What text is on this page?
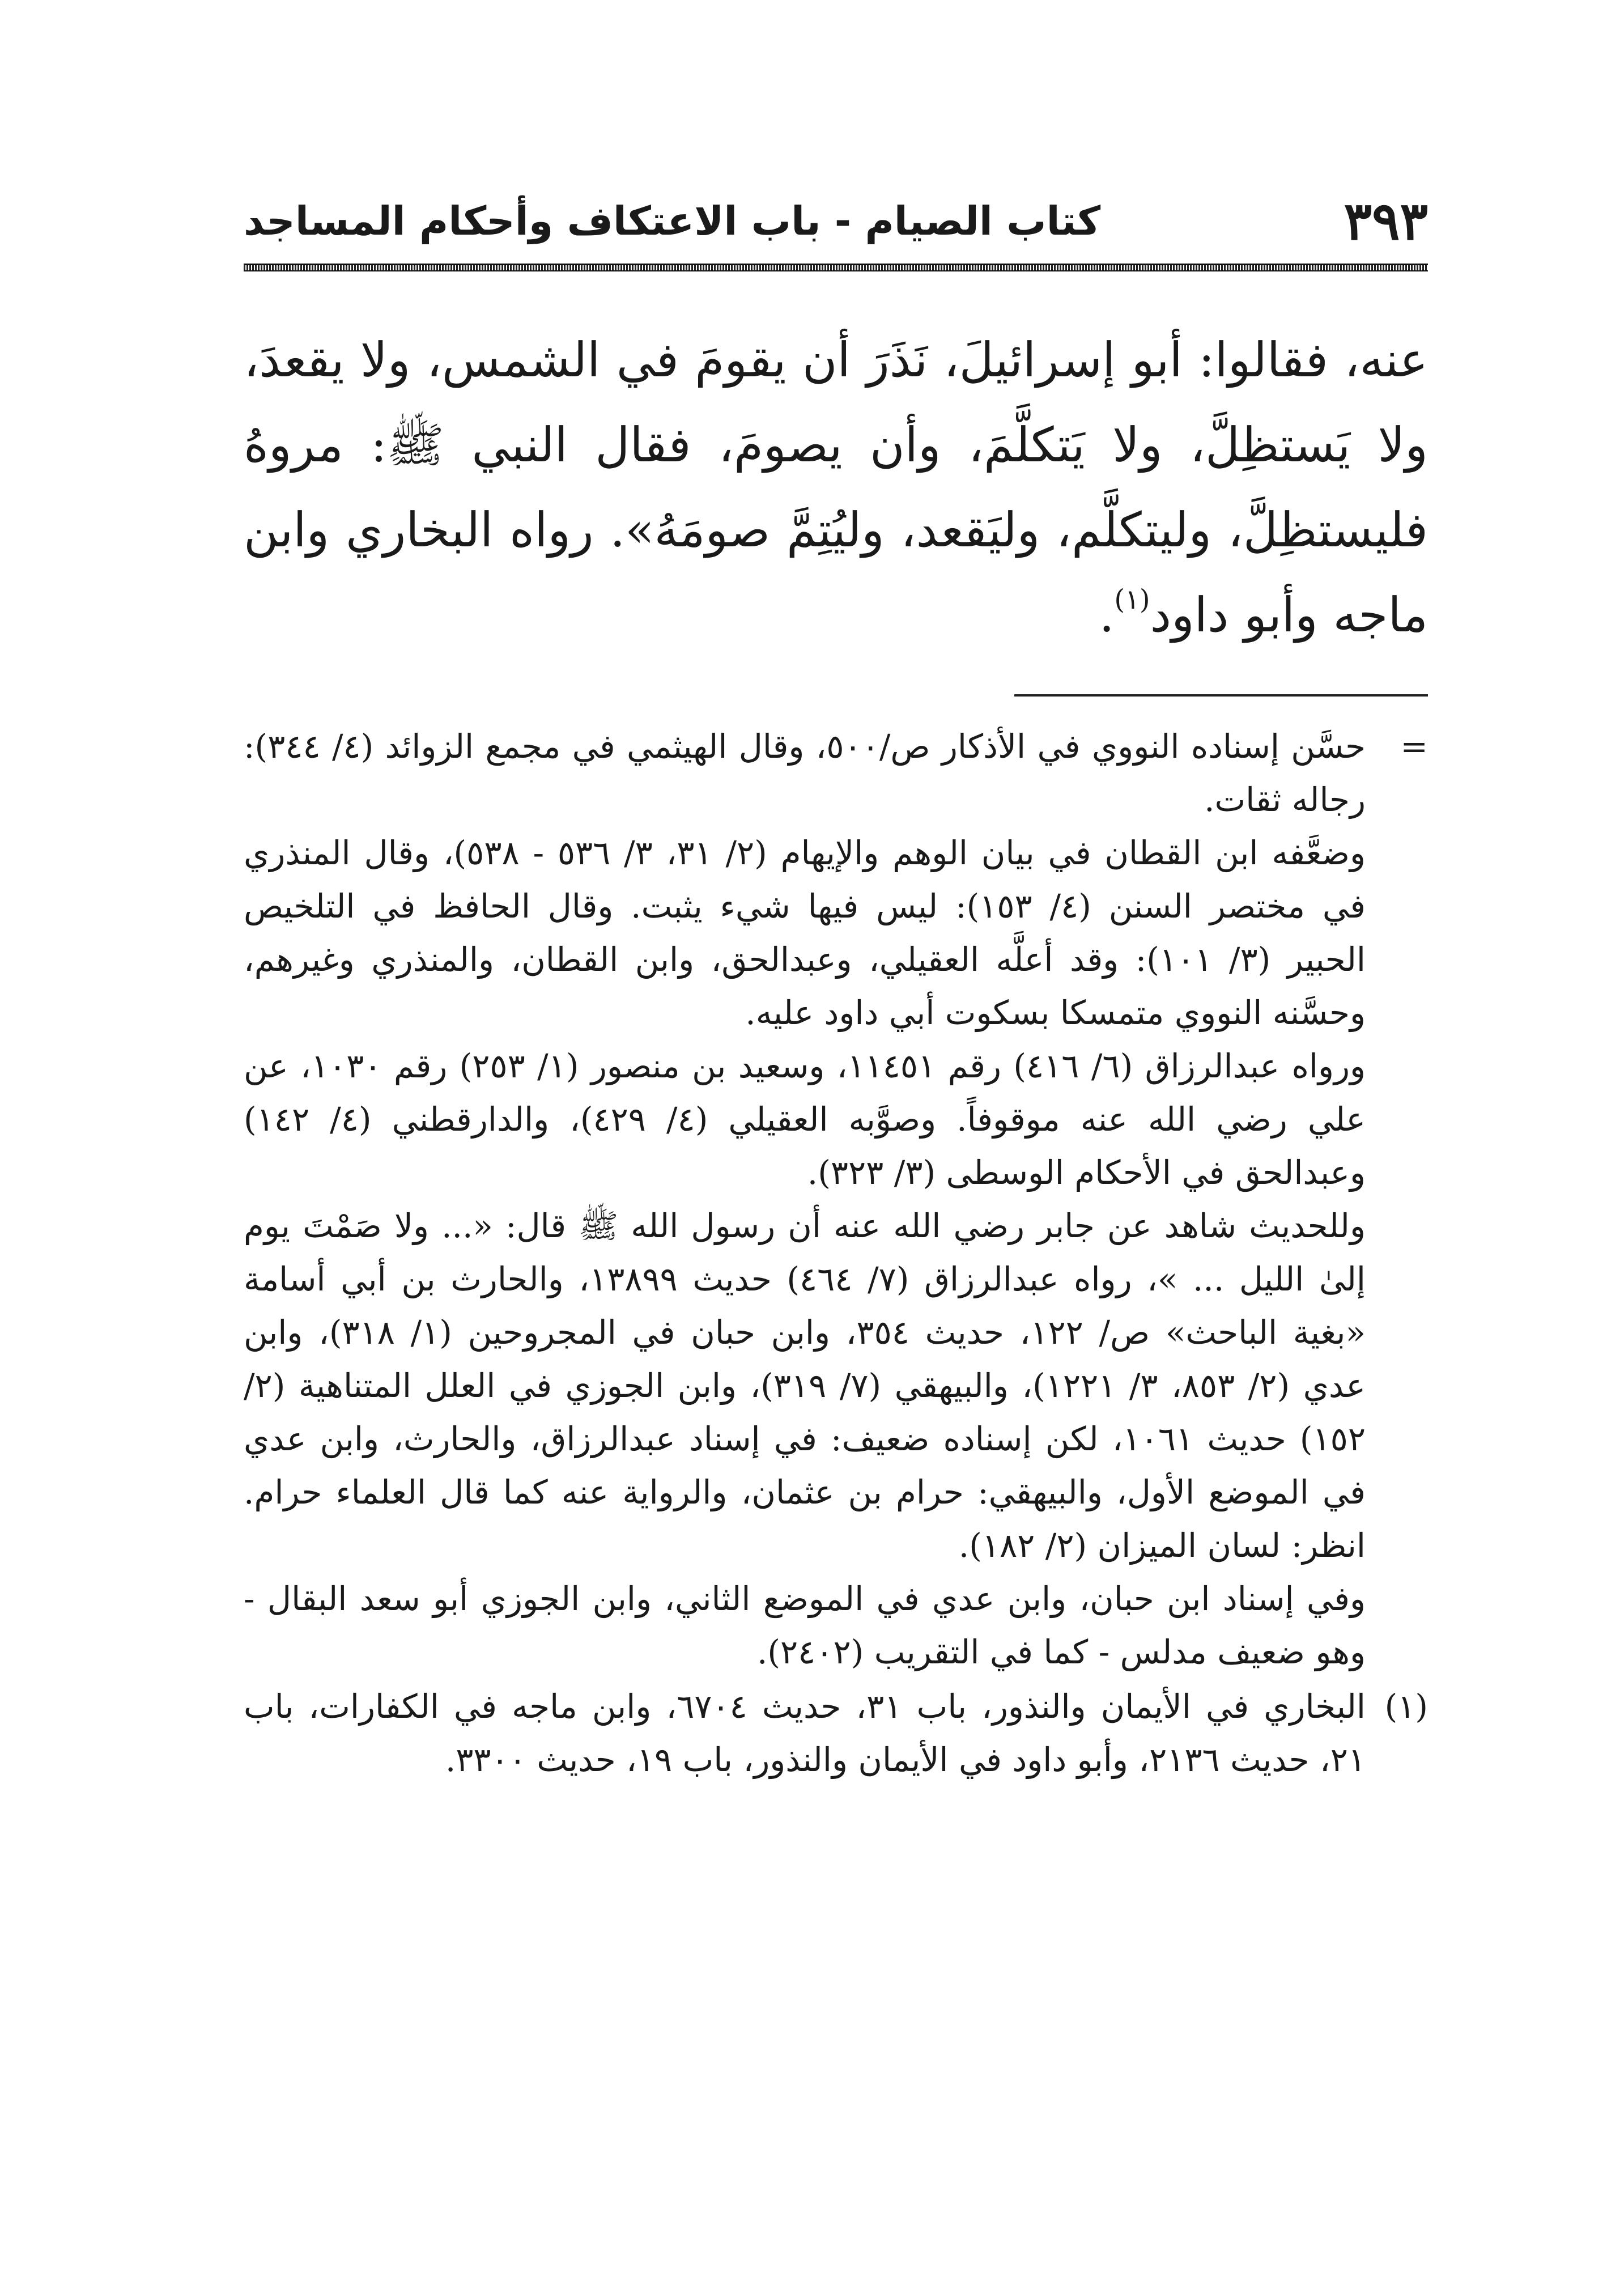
٣٩٣
كتاب الصيام - باب الاعتكاف وأحكام المساجد

عنه، فقالوا: أبو إسرائيلَ، نَذَرَ أن يقومَ في الشمس، ولا يقعدَ، ولا يَستظِلَّ، ولا يَتكلَّمَ، وأن يصومَ، فقال النبي ﷺ: مروهُ فليستظِلَّ، وليتكلَّم، وليَقعد، وليُتِمَّ صومَهُ». رواه البخاري وابن ماجه وأبو داود$^{(١)}$.

=

حسَّن إسناده النووي في الأذكار ص/٥٠٠، وقال الهيثمي في مجمع الزوائد (٤/ ٣٤٤): رجاله ثقات.

وضعَّفه ابن القطان في بيان الوهم والإيهام (٢/ ٣١، ٣/ ٥٣٦ - ٥٣٨)، وقال المنذري في مختصر السنن (٤/ ١٥٣): ليس فيها شيء يثبت. وقال الحافظ في التلخيص الحبير (٣/ ١٠١): وقد أعلَّه العقيلي، وعبدالحق، وابن القطان، والمنذري وغيرهم، وحسَّنه النووي متمسكا بسكوت أبي داود عليه.

ورواه عبدالرزاق (٦/ ٤١٦) رقم ١١٤٥١، وسعيد بن منصور (١/ ٢٥٣) رقم ١٠٣٠، عن علي رضي الله عنه موقوفاً. وصوَّبه العقيلي (٤/ ٤٢٩)، والدارقطني (٤/ ١٤٢) وعبدالحق في الأحكام الوسطى (٣/ ٣٢٣).

وللحديث شاهد عن جابر رضي الله عنه أن رسول الله ﷺ قال: «... ولا صَمْتَ يوم إلىٰ الليل ... »، رواه عبدالرزاق (٧/ ٤٦٤) حديث ١٣٨٩٩، والحارث بن أبي أسامة «بغية الباحث» ص/ ١٢٢، حديث ٣٥٤، وابن حبان في المجروحين (١/ ٣١٨)، وابن عدي (٢/ ٨٥٣، ٣/ ١٢٢١)، والبيهقي (٧/ ٣١٩)، وابن الجوزي في العلل المتناهية (٢/ ١٥٢) حديث ١٠٦١، لكن إسناده ضعيف: في إسناد عبدالرزاق، والحارث، وابن عدي في الموضع الأول، والبيهقي: حرام بن عثمان، والرواية عنه كما قال العلماء حرام. انظر: لسان الميزان (٢/ ١٨٢).

وفي إسناد ابن حبان، وابن عدي في الموضع الثاني، وابن الجوزي أبو سعد البقال - وهو ضعيف مدلس - كما في التقريب (٢٤٠٢).

(١)
البخاري في الأيمان والنذور، باب ٣١، حديث ٦٧٠٤، وابن ماجه في الكفارات، باب ٢١، حديث ٢١٣٦، وأبو داود في الأيمان والنذور، باب ١٩، حديث ٣٣٠٠.
